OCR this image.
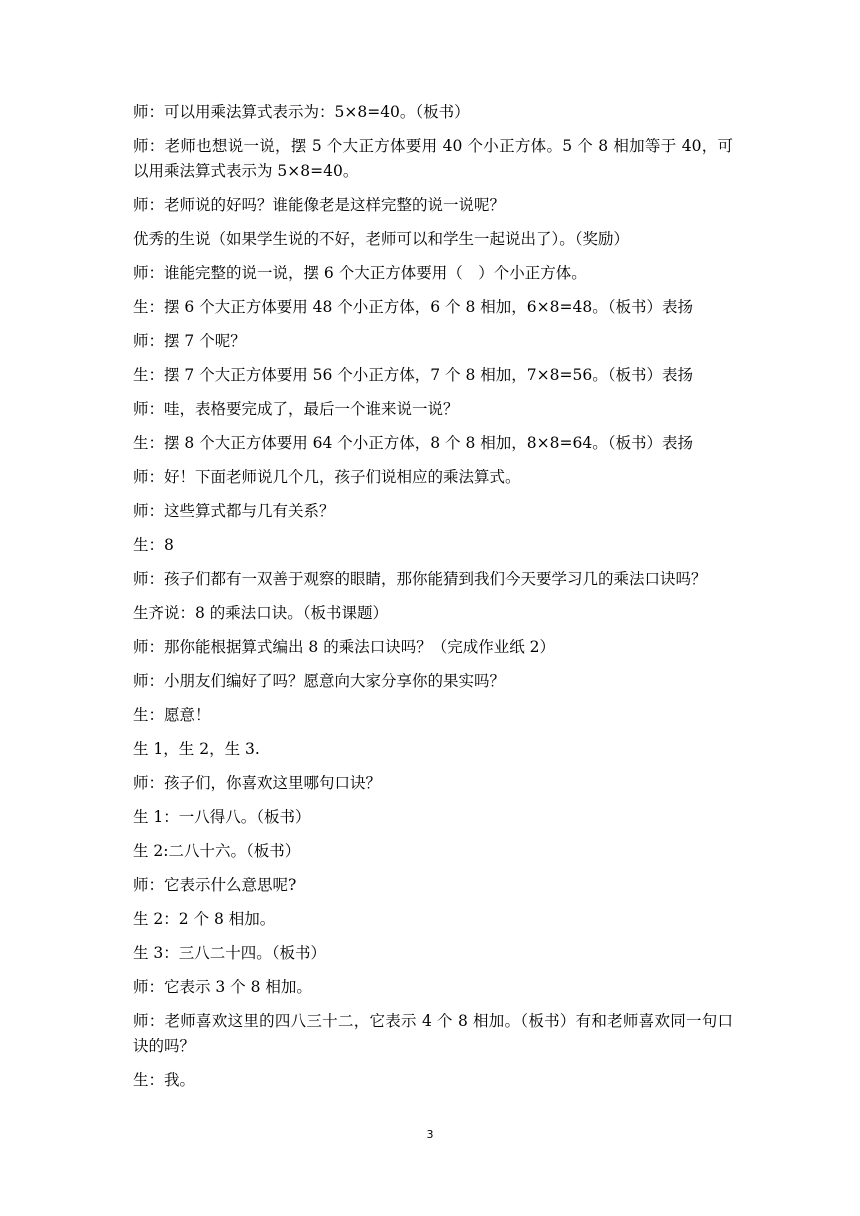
师：可以用乘法算式表示为：5×8=40。（板书）

师：老师也想说一说，摆 5 个大正方体要用 40 个小正方体。5 个 8 相加等于 40，可以用乘法算式表示为 5×8=40。

师：老师说的好吗？谁能像老是这样完整的说一说呢？

优秀的生说（如果学生说的不好，老师可以和学生一起说出了）。（奖励）

师：谁能完整的说一说，摆 6 个大正方体要用（　）个小正方体。

生：摆 6 个大正方体要用 48 个小正方体，6 个 8 相加，6×8=48。（板书）表扬

师：摆 7 个呢？

生：摆 7 个大正方体要用 56 个小正方体，7 个 8 相加，7×8=56。（板书）表扬

师：哇，表格要完成了，最后一个谁来说一说？

生：摆 8 个大正方体要用 64 个小正方体，8 个 8 相加，8×8=64。（板书）表扬

师：好！下面老师说几个几，孩子们说相应的乘法算式。

师：这些算式都与几有关系？

生：8

师：孩子们都有一双善于观察的眼睛，那你能猜到我们今天要学习几的乘法口诀吗？

生齐说：8 的乘法口诀。（板书课题）

师：那你能根据算式编出 8 的乘法口诀吗？（完成作业纸 2）

师：小朋友们编好了吗？愿意向大家分享你的果实吗？

生：愿意！

生 1，生 2，生 3.

师：孩子们，你喜欢这里哪句口诀？

生 1：一八得八。（板书）

生 2:二八十六。（板书）

师：它表示什么意思呢?

生 2：2 个 8 相加。

生 3：三八二十四。（板书）

师：它表示 3 个 8 相加。

师：老师喜欢这里的四八三十二，它表示 4 个 8 相加。（板书）有和老师喜欢同一句口诀的吗？

生：我。

3
